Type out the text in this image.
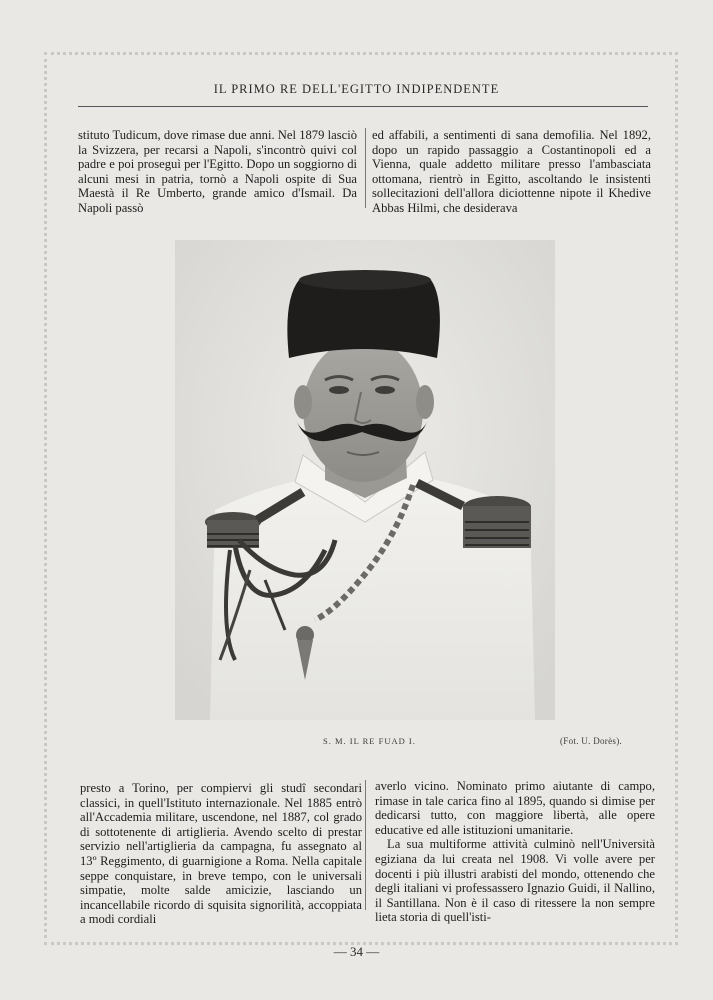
IL PRIMO RE DELL'EGITTO INDIPENDENTE

stituto Tudicum, dove rimase due anni. Nel 1879 lasciò la Svizzera, per recarsi a Napoli, s'incontrò quivi col padre e poi proseguì per l'Egitto. Dopo un soggiorno di alcuni mesi in patria, tornò a Napoli ospite di Sua Maestà il Re Umberto, grande amico d'Ismail. Da Napoli passò

ed affabili, a sentimenti di sana demofilia. Nel 1892, dopo un rapido passaggio a Costantinopoli ed a Vienna, quale addetto militare presso l'ambasciata ottomana, rientrò in Egitto, ascoltando le insistenti sollecitazioni dell'allora diciottenne nipote il Khedive Abbas Hilmi, che desiderava

S. M. IL RE FUAD I.	(Fot. U. Dorès).

presto a Torino, per compiervi gli studî secondari classici, in quell'Istituto internazionale. Nel 1885 entrò all'Accademia militare, uscendone, nel 1887, col grado di sottotenente di artiglieria. Avendo scelto di prestar servizio nell'artiglieria da campagna, fu assegnato al 13º Reggimento, di guarnigione a Roma. Nella capitale seppe conquistare, in breve tempo, con le universali simpatie, molte salde amicizie, lasciando un incancellabile ricordo di squisita signorilità, accoppiata a modi cordiali

averlo vicino. Nominato primo aiutante di campo, rimase in tale carica fino al 1895, quando si dimise per dedicarsi tutto, con maggiore libertà, alle opere educative ed alle istituzioni umanitarie.

La sua multiforme attività culminò nell'Università egiziana da lui creata nel 1908. Vi volle avere per docenti i più illustri arabisti del mondo, ottenendo che degli italiani vi professassero Ignazio Guidi, il Nallino, il Santillana. Non è il caso di ritessere la non sempre lieta storia di quell'isti-

— 34 —
